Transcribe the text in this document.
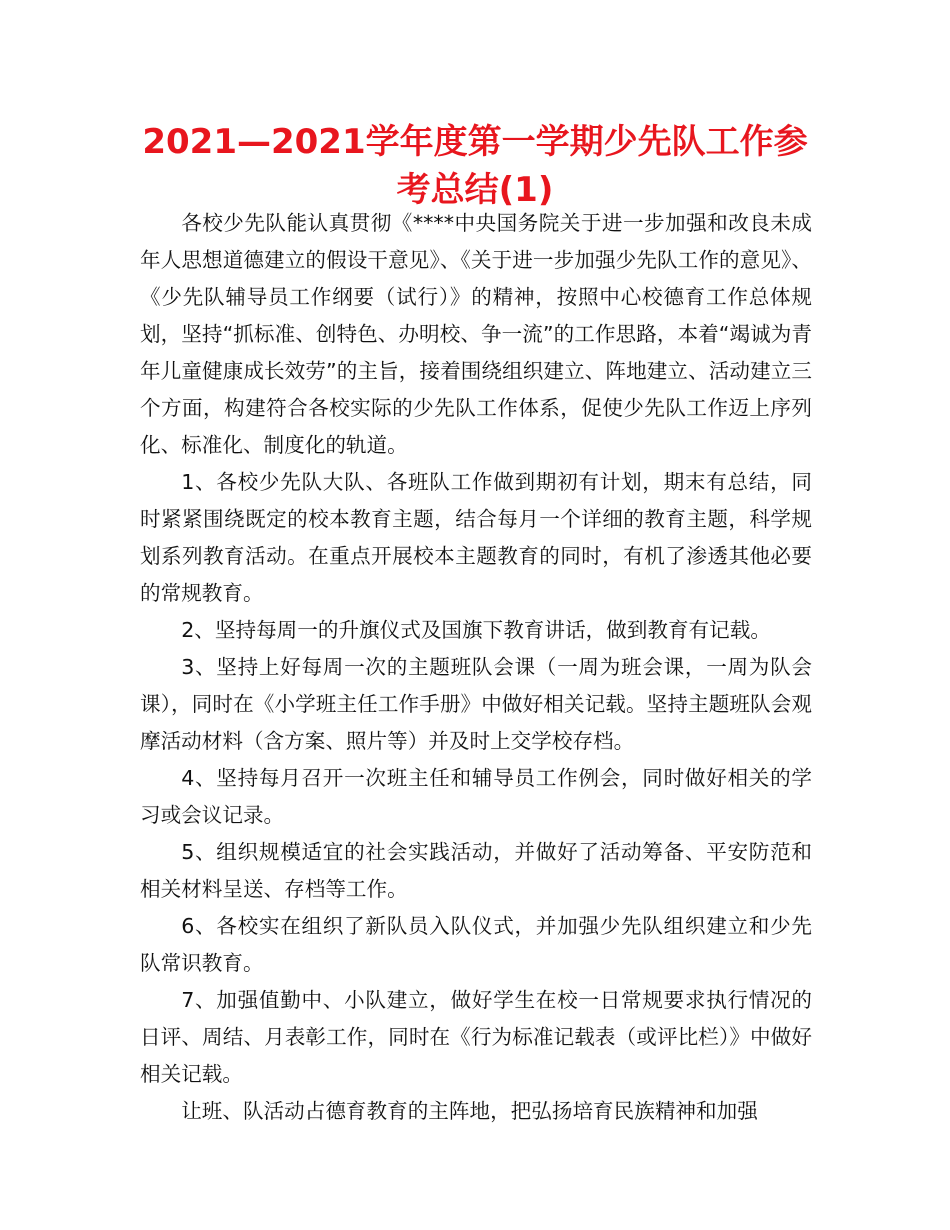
2021—2021学年度第一学期少先队工作参考总结(1)

各校少先队能认真贯彻《****中央国务院关于进一步加强和改良未成年人思想道德建立的假设干意见》、《关于进一步加强少先队工作的意见》、《少先队辅导员工作纲要（试行）》的精神，按照中心校德育工作总体规划，坚持“抓标准、创特色、办明校、争一流”的工作思路，本着“竭诚为青年儿童健康成长效劳”的主旨，接着围绕组织建立、阵地建立、活动建立三个方面，构建符合各校实际的少先队工作体系，促使少先队工作迈上序列化、标准化、制度化的轨道。

1、各校少先队大队、各班队工作做到期初有计划，期末有总结，同时紧紧围绕既定的校本教育主题，结合每月一个详细的教育主题，科学规划系列教育活动。在重点开展校本主题教育的同时，有机了渗透其他必要的常规教育。

2、坚持每周一的升旗仪式及国旗下教育讲话，做到教育有记载。

3、坚持上好每周一次的主题班队会课（一周为班会课，一周为队会课），同时在《小学班主任工作手册》中做好相关记载。坚持主题班队会观摩活动材料（含方案、照片等）并及时上交学校存档。

4、坚持每月召开一次班主任和辅导员工作例会，同时做好相关的学习或会议记录。

5、组织规模适宜的社会实践活动，并做好了活动筹备、平安防范和相关材料呈送、存档等工作。

6、各校实在组织了新队员入队仪式，并加强少先队组织建立和少先队常识教育。

7、加强值勤中、小队建立，做好学生在校一日常规要求执行情况的日评、周结、月表彰工作，同时在《行为标准记载表（或评比栏）》中做好相关记载。

让班、队活动占德育教育的主阵地，把弘扬培育民族精神和加强
